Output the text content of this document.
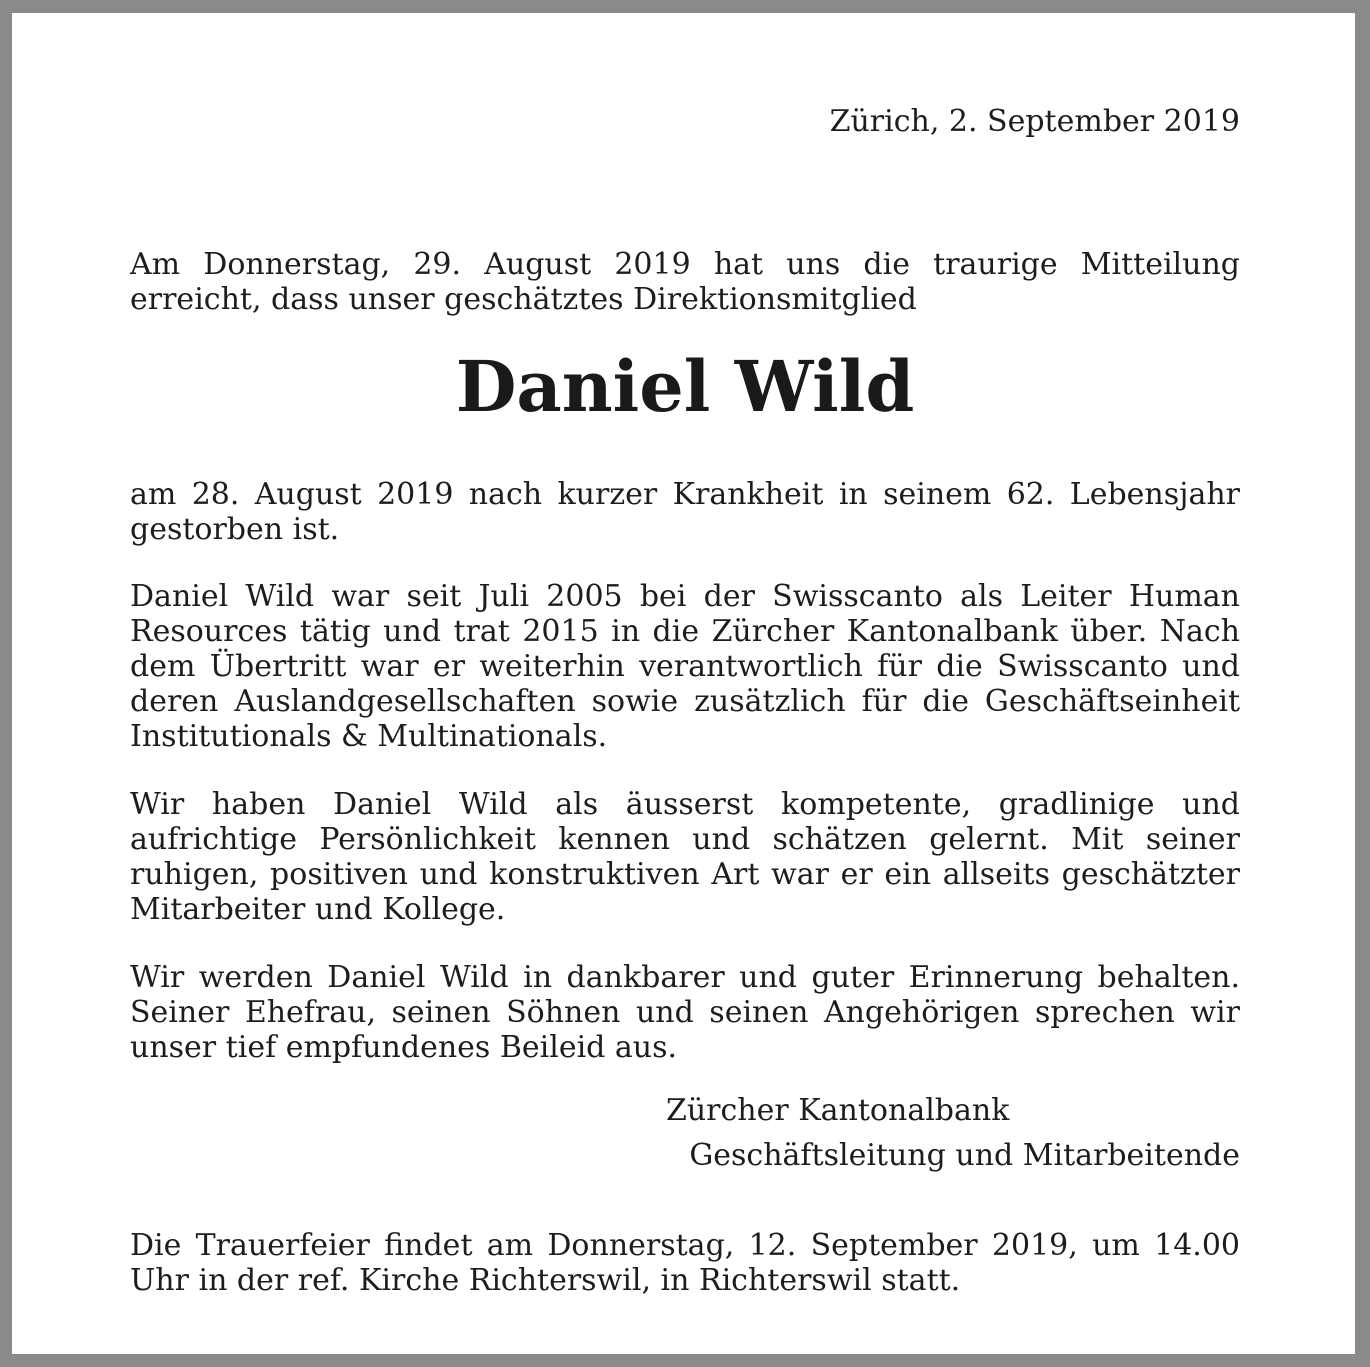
Zürich, 2. September 2019

Am Donnerstag, 29. August 2019 hat uns die traurige Mitteilung erreicht, dass unser geschätztes Direktionsmitglied

Daniel Wild

am 28. August 2019 nach kurzer Krankheit in seinem 62. Lebensjahr gestorben ist.

Daniel Wild war seit Juli 2005 bei der Swisscanto als Leiter Human Resources tätig und trat 2015 in die Zürcher Kantonalbank über. Nach dem Übertritt war er weiterhin verantwortlich für die Swisscanto und deren Auslandgesellschaften sowie zusätzlich für die Geschäftseinheit Institutionals & Multinationals.

Wir haben Daniel Wild als äusserst kompetente, gradlinige und aufrichtige Persönlichkeit kennen und schätzen gelernt. Mit seiner ruhigen, positiven und konstruktiven Art war er ein allseits geschätzter Mitarbeiter und Kollege.

Wir werden Daniel Wild in dankbarer und guter Erinnerung behalten. Seiner Ehefrau, seinen Söhnen und seinen Angehörigen sprechen wir unser tief empfundenes Beileid aus.

Zürcher Kantonalbank
Geschäftsleitung und Mitarbeitende

Die Trauerfeier findet am Donnerstag, 12. September 2019, um 14.00 Uhr in der ref. Kirche Richterswil, in Richterswil statt.
